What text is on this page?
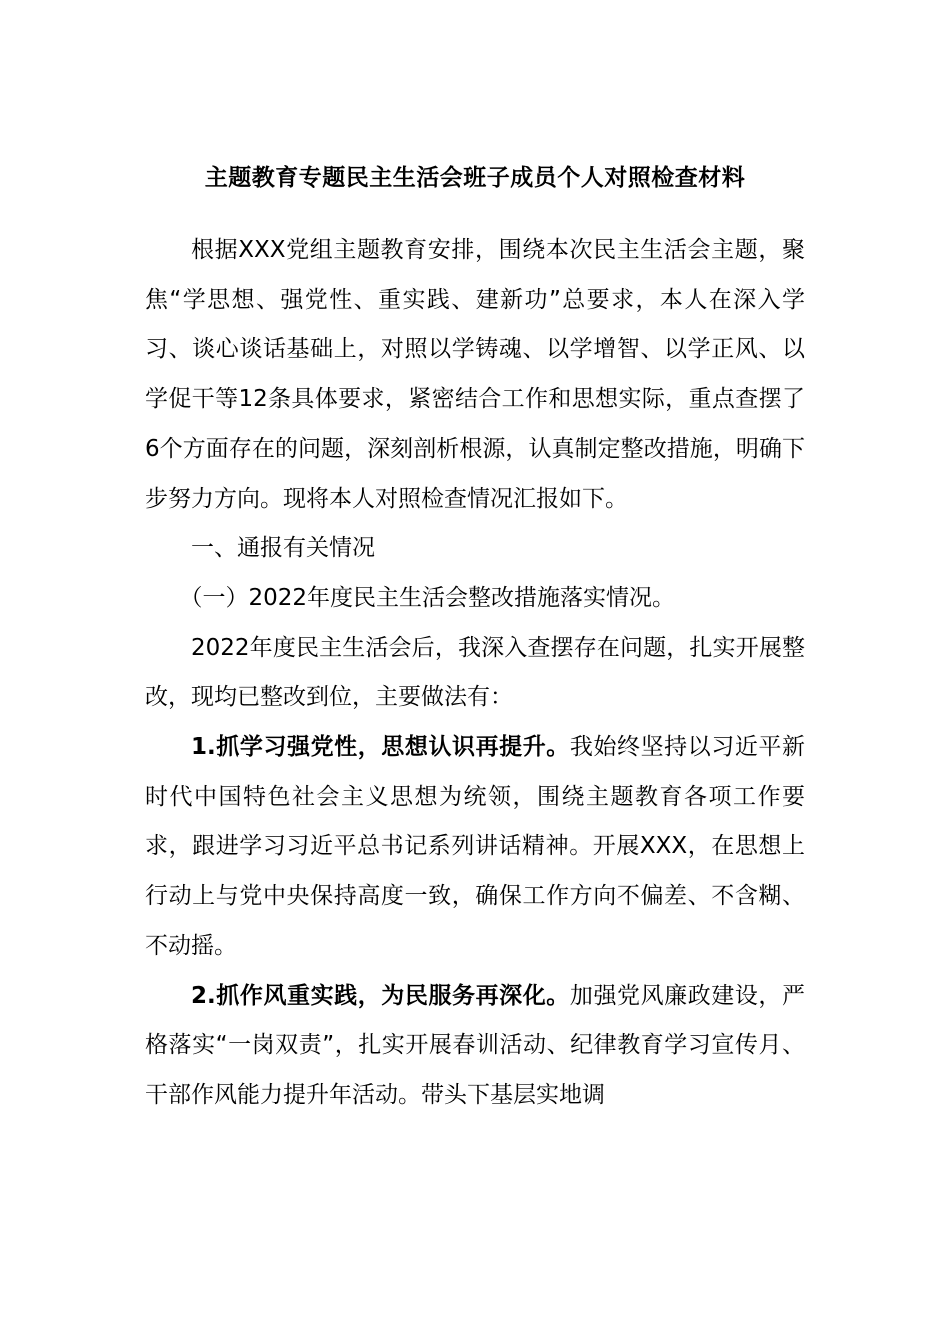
主题教育专题民主生活会班子成员个人对照检查材料

根据XXX党组主题教育安排，围绕本次民主生活会主题，聚焦“学思想、强党性、重实践、建新功”总要求，本人在深入学习、谈心谈话基础上，对照以学铸魂、以学增智、以学正风、以学促干等12条具体要求，紧密结合工作和思想实际，重点查摆了6个方面存在的问题，深刻剖析根源，认真制定整改措施，明确下步努力方向。现将本人对照检查情况汇报如下。

一、通报有关情况

（一）2022年度民主生活会整改措施落实情况。

2022年度民主生活会后，我深入查摆存在问题，扎实开展整改，现均已整改到位，主要做法有：

1.抓学习强党性，思想认识再提升。我始终坚持以习近平新时代中国特色社会主义思想为统领，围绕主题教育各项工作要求，跟进学习习近平总书记系列讲话精神。开展XXX，在思想上行动上与党中央保持高度一致，确保工作方向不偏差、不含糊、不动摇。

2.抓作风重实践，为民服务再深化。加强党风廉政建设，严格落实“一岗双责”，扎实开展春训活动、纪律教育学习宣传月、干部作风能力提升年活动。带头下基层实地调
